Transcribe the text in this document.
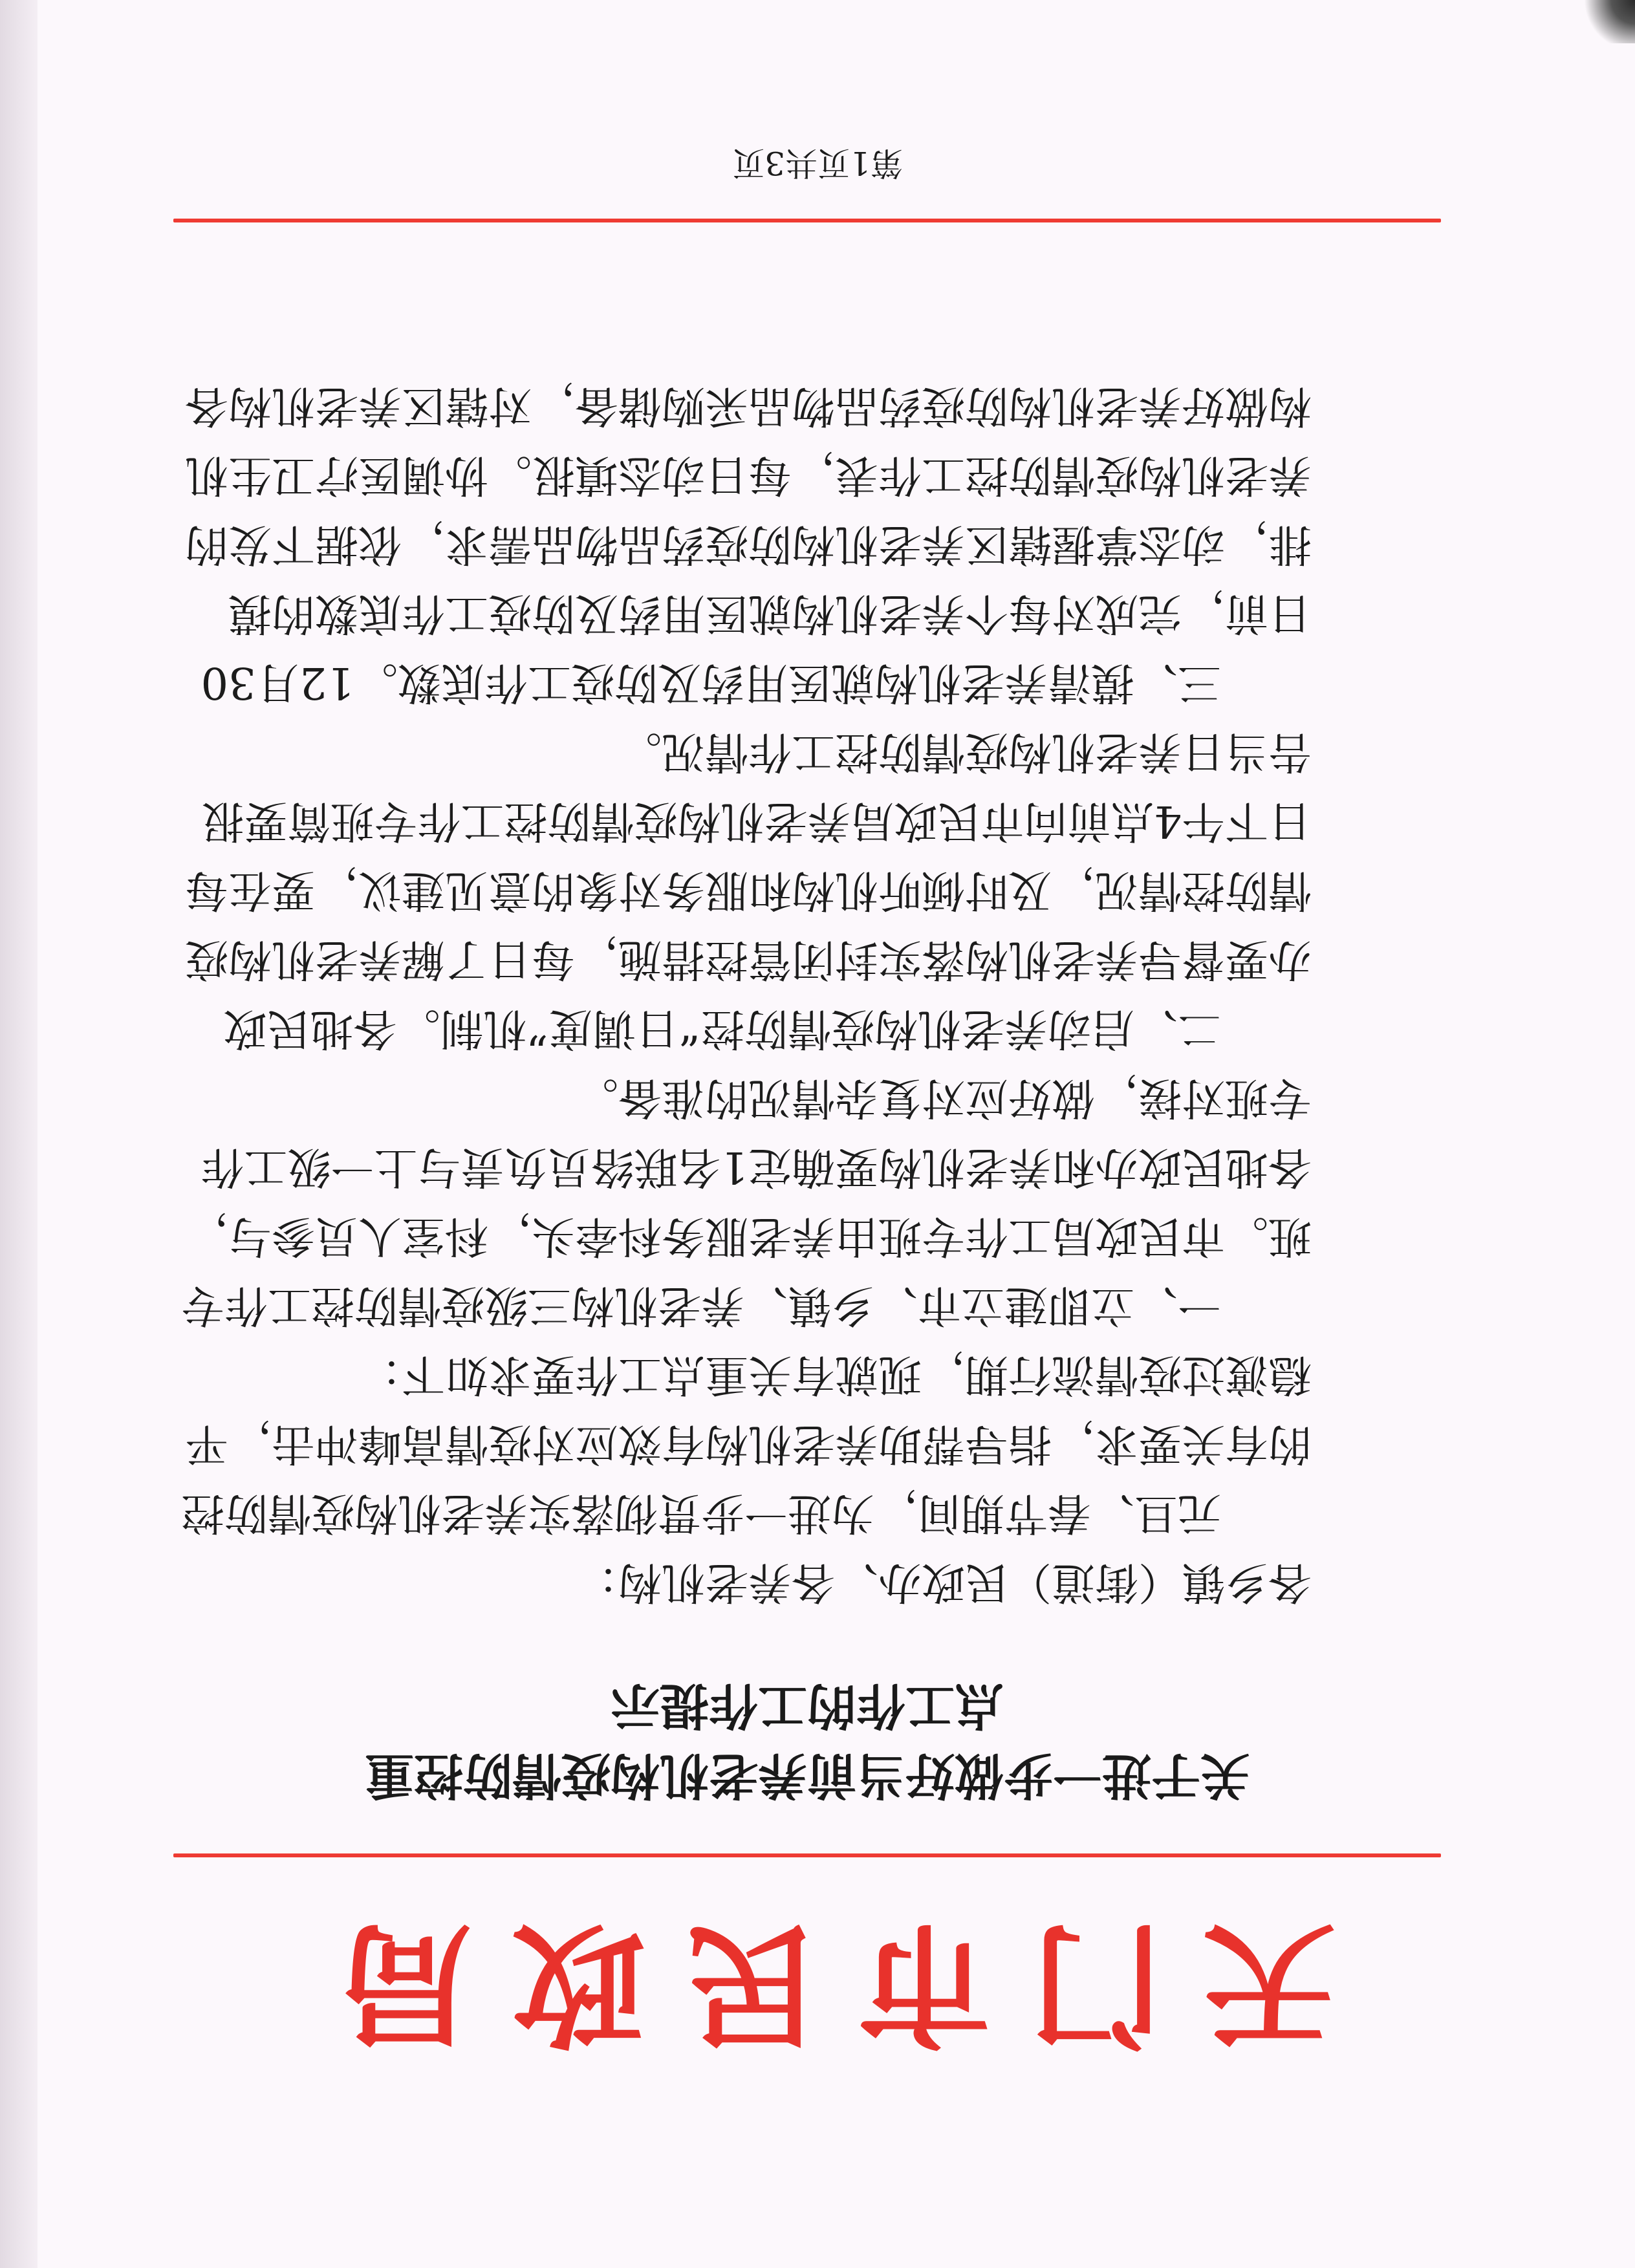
天门市民政局
关于进一步做好当前养老机构疫情防控重
点工作的工作提示
各乡镇（街道）民政办、各养老机构：
元旦、春节期间，为进一步贯彻落实养老机构疫情防控
的有关要求，指导帮助养老机构有效应对疫情高峰冲击，平
稳渡过疫情流行期，现就有关重点工作要求如下：
一、立即建立市、乡镇、养老机构三级疫情防控工作专
班。市民政局工作专班由养老服务科牵头，科室人员参与，
各地民政办和养老机构要确定1名联络员负责与上一级工作
专班对接，做好应对复杂情况的准备。
二、启动养老机构疫情防控“日调度”机制。各地民政
办要督导养老机构落实封闭管控措施，每日了解养老机构疫
情防控情况，及时倾听机构和服务对象的意见建议，要在每
日下午4点前向市民政局养老机构疫情防控工作专班简要报
告当日养老机构疫情防控工作情况。
三、摸清养老机构就医用药及防疫工作底数。12月30
日前，完成对每个养老机构就医用药及防疫工作底数的摸
排，动态掌握辖区养老机构防疫药品物品需求，依据下发的
养老机构疫情防控工作表，每日动态填报。协调医疗卫生机
构做好养老机构防疫药品物品采购储备，对辖区养老机构各
第1页共3页
